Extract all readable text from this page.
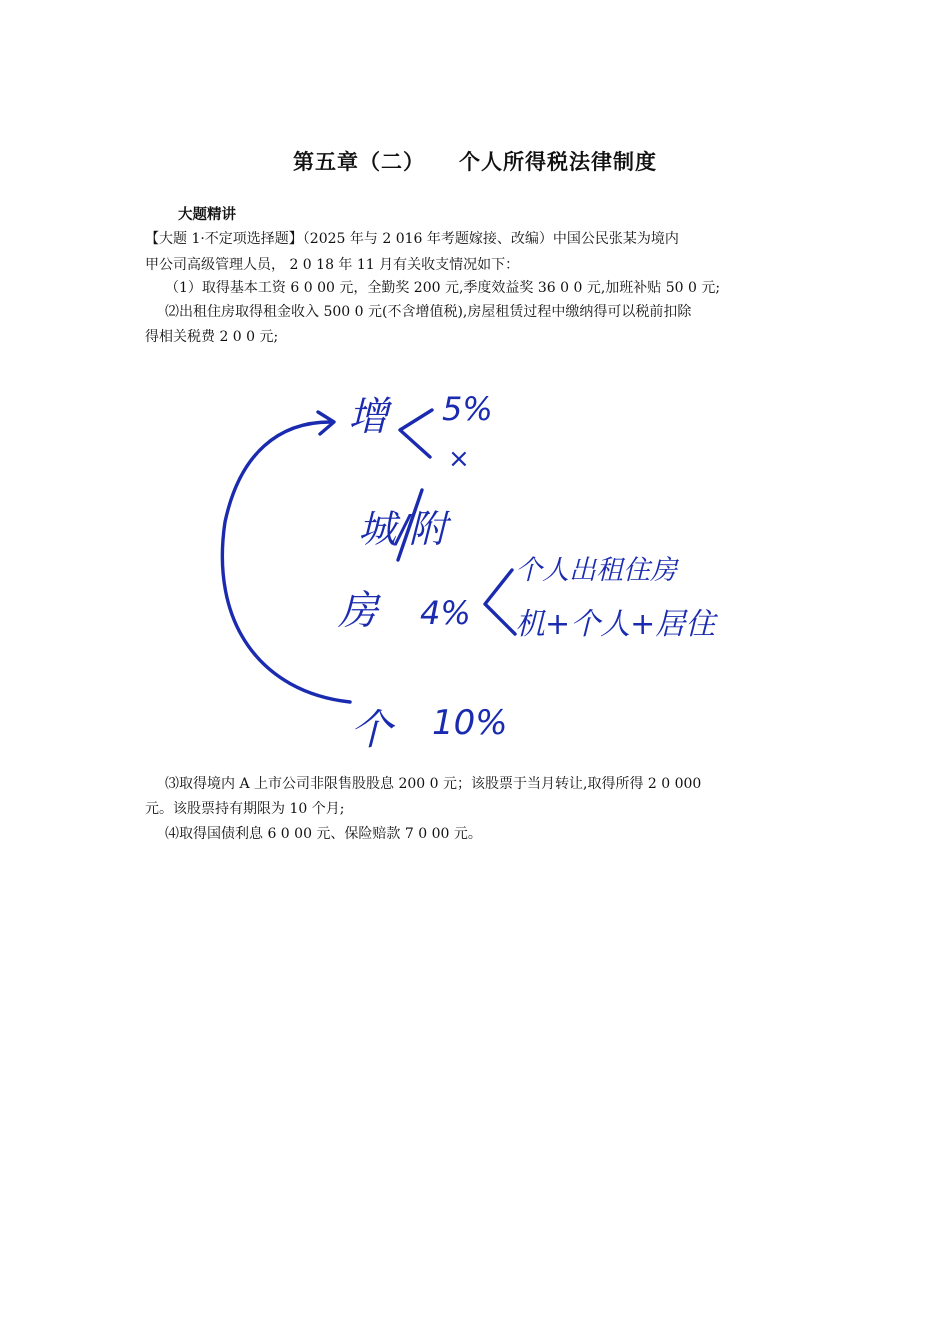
第五章（二） 个人所得税法律制度
大题精讲
【大题 1·不定项选择题】（2025 年与 2 016 年考题嫁接、改编）中国公民张某为境内
甲公司高级管理人员， 2 0 18 年 11 月有关收支情况如下：
（1）取得基本工资 6 0 00 元，全勤奖 200 元,季度效益奖 36 0 0 元,加班补贴 50 0 元;
⑵出租住房取得租金收入 500 0 元(不含增值税),房屋租赁过程中缴纳得可以税前扣除
得相关税费 2 0 0 元;
增 5%
×
城/附
房 4%
个人出租住房
机+个人+居住
个 10%
⑶取得境内 A 上市公司非限售股股息 200 0 元；该股票于当月转让,取得所得 2 0 000
元。该股票持有期限为 10 个月;
⑷取得国债利息 6 0 00 元、保险赔款 7 0 00 元。
